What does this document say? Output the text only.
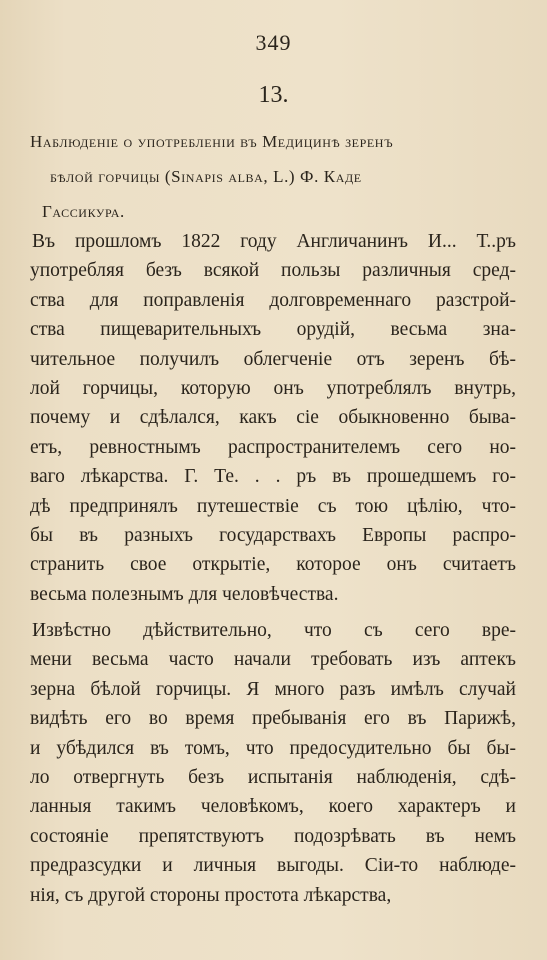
349
13.
Наблюденіе о употребленіи въ Медицинѣ зеренъ
бѣлой горчицы (Sinapis alba, L.) Ф. Каде
Гассикура.
Въ прошломъ 1822 году Англичанинъ И... Т..ръ
употребляя безъ всякой пользы различныя сред-
ства для поправленія долговременнаго разстрой-
ства пищеварительныхъ орудій, весьма зна-
чительное получилъ облегченіе отъ зеренъ бѣ-
лой горчицы, которую онъ употреблялъ внутрь,
почему и сдѣлался, какъ сіе обыкновенно быва-
етъ, ревностнымъ распространителемъ сего но-
ваго лѣкарства. Г. Те. . . ръ въ прошедшемъ го-
дѣ предпринялъ путешествіе съ тою цѣлію, что-
бы въ разныхъ государствахъ Европы распро-
странить свое открытіе, которое онъ считаетъ
весьма полезнымъ для человѣчества.
Извѣстно дѣйствительно, что съ сего вре-
мени весьма часто начали требовать изъ аптекъ
зерна бѣлой горчицы. Я много разъ имѣлъ случай
видѣть его во время пребыванія его въ Парижѣ,
и убѣдился въ томъ, что предосудительно бы бы-
ло отвергнуть безъ испытанія наблюденія, сдѣ-
ланныя такимъ человѣкомъ, коего характеръ и
состояніе препятствуютъ подозрѣвать въ немъ
предразсудки и личныя выгоды. Сіи-то наблюде-
нія, съ другой стороны простота лѣкарства,
